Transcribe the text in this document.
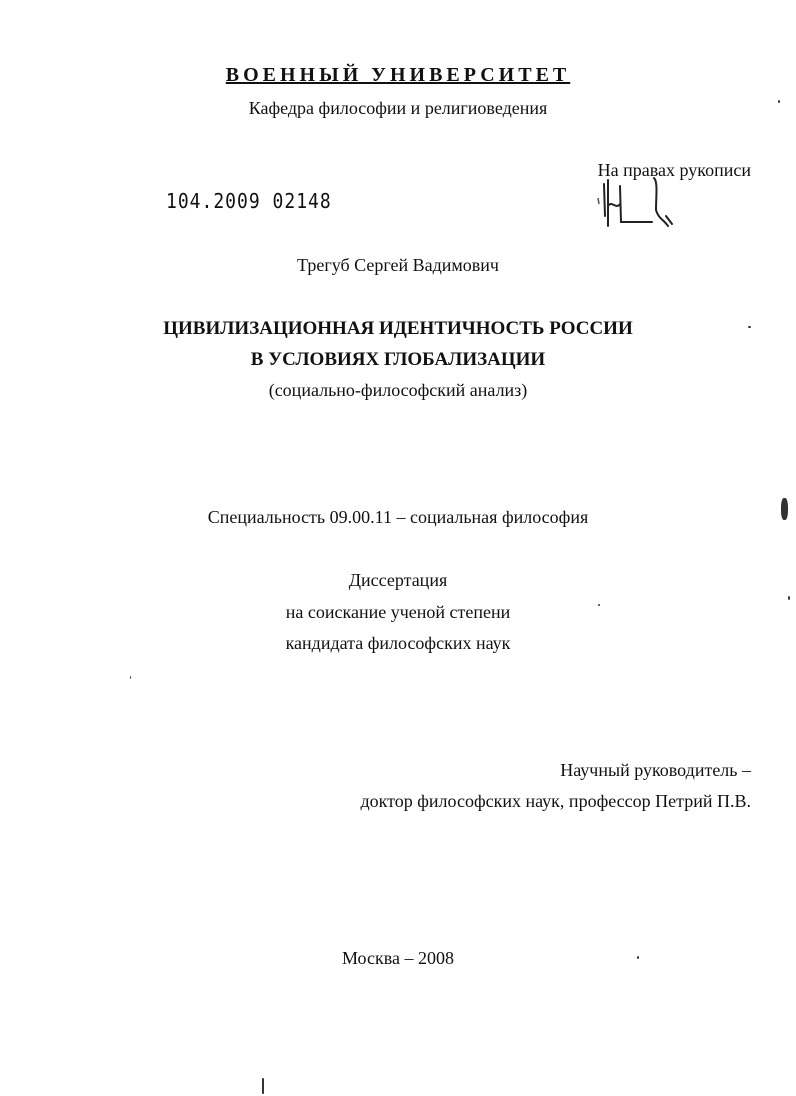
ВОЕННЫЙ УНИВЕРСИТЕТ
Кафедра философии и религиоведения
На правах рукописи
104.2009 02148
Трегуб Сергей Вадимович
ЦИВИЛИЗАЦИОННАЯ ИДЕНТИЧНОСТЬ РОССИИ
В УСЛОВИЯХ ГЛОБАЛИЗАЦИИ
(социально-философский анализ)
Специальность 09.00.11 – социальная философия
Диссертация
на соискание ученой степени
кандидата философских наук
Научный руководитель –
доктор философских наук, профессор Петрий П.В.
Москва – 2008
